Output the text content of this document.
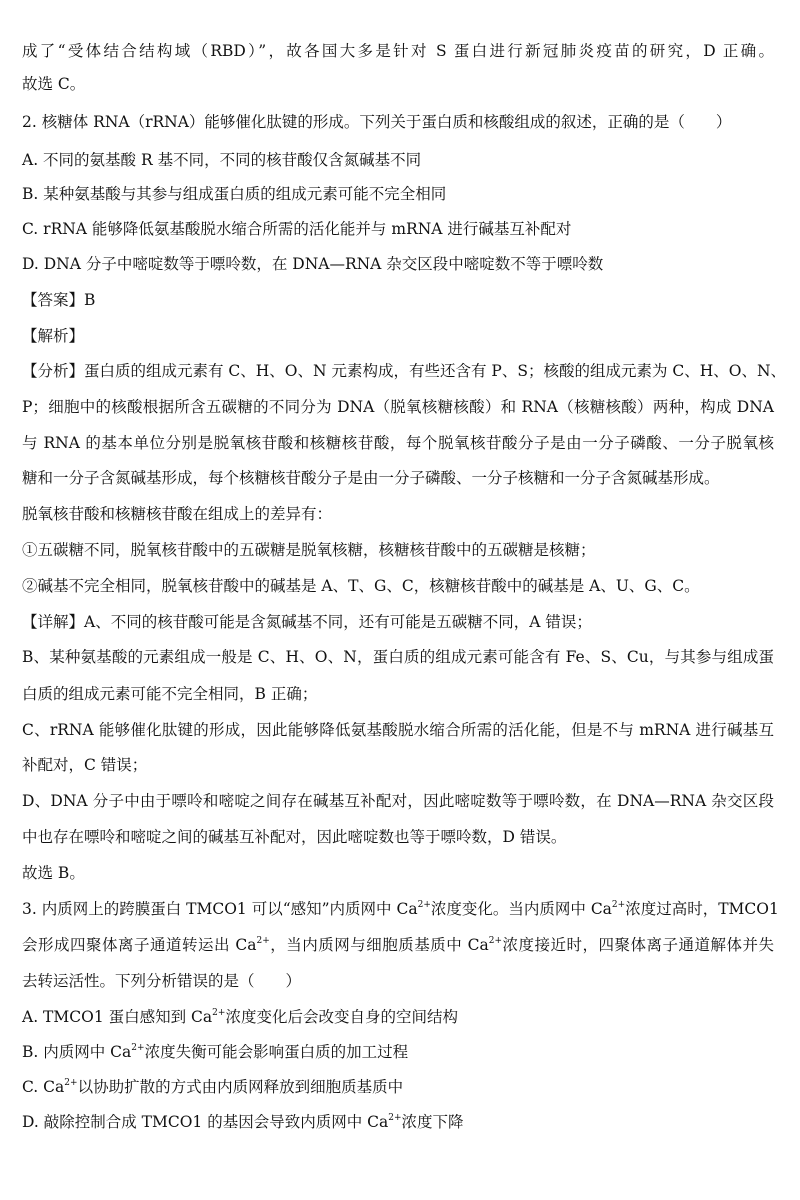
成了“受体结合结构域（RBD）”，故各国大多是针对 S 蛋白进行新冠肺炎疫苗的研究，D 正确。
故选 C。
2. 核糖体 RNA（rRNA）能够催化肽键的形成。下列关于蛋白质和核酸组成的叙述，正确的是（　　）
A. 不同的氨基酸 R 基不同，不同的核苷酸仅含氮碱基不同
B. 某种氨基酸与其参与组成蛋白质的组成元素可能不完全相同
C. rRNA 能够降低氨基酸脱水缩合所需的活化能并与 mRNA 进行碱基互补配对
D. DNA 分子中嘧啶数等于嘌呤数，在 DNA—RNA 杂交区段中嘧啶数不等于嘌呤数
【答案】B
【解析】
【分析】蛋白质的组成元素有 C、H、O、N 元素构成，有些还含有 P、S；核酸的组成元素为 C、H、O、N、
P；细胞中的核酸根据所含五碳糖的不同分为 DNA（脱氧核糖核酸）和 RNA（核糖核酸）两种，构成 DNA
与 RNA 的基本单位分别是脱氧核苷酸和核糖核苷酸，每个脱氧核苷酸分子是由一分子磷酸、一分子脱氧核
糖和一分子含氮碱基形成，每个核糖核苷酸分子是由一分子磷酸、一分子核糖和一分子含氮碱基形成。
脱氧核苷酸和核糖核苷酸在组成上的差异有：
①五碳糖不同，脱氧核苷酸中的五碳糖是脱氧核糖，核糖核苷酸中的五碳糖是核糖；
②碱基不完全相同，脱氧核苷酸中的碱基是 A、T、G、C，核糖核苷酸中的碱基是 A、U、G、C。
【详解】A、不同的核苷酸可能是含氮碱基不同，还有可能是五碳糖不同，A 错误；
B、某种氨基酸的元素组成一般是 C、H、O、N，蛋白质的组成元素可能含有 Fe、S、Cu，与其参与组成蛋
白质的组成元素可能不完全相同，B 正确；
C、rRNA 能够催化肽键的形成，因此能够降低氨基酸脱水缩合所需的活化能，但是不与 mRNA 进行碱基互
补配对，C 错误；
D、DNA 分子中由于嘌呤和嘧啶之间存在碱基互补配对，因此嘧啶数等于嘌呤数，在 DNA—RNA 杂交区段
中也存在嘌呤和嘧啶之间的碱基互补配对，因此嘧啶数也等于嘌呤数，D 错误。
故选 B。
3. 内质网上的跨膜蛋白 TMCO1 可以“感知”内质网中 $Ca^{2+}$浓度变化。当内质网中 $Ca^{2+}$浓度过高时，TMCO1
会形成四聚体离子通道转运出 $Ca^{2+}$，当内质网与细胞质基质中 $Ca^{2+}$浓度接近时，四聚体离子通道解体并失
去转运活性。下列分析错误的是（　　）
A. TMCO1 蛋白感知到 $Ca^{2+}$浓度变化后会改变自身的空间结构
B. 内质网中 $Ca^{2+}$浓度失衡可能会影响蛋白质的加工过程
C. $Ca^{2+}$以协助扩散的方式由内质网释放到细胞质基质中
D. 敲除控制合成 TMCO1 的基因会导致内质网中 $Ca^{2+}$浓度下降
